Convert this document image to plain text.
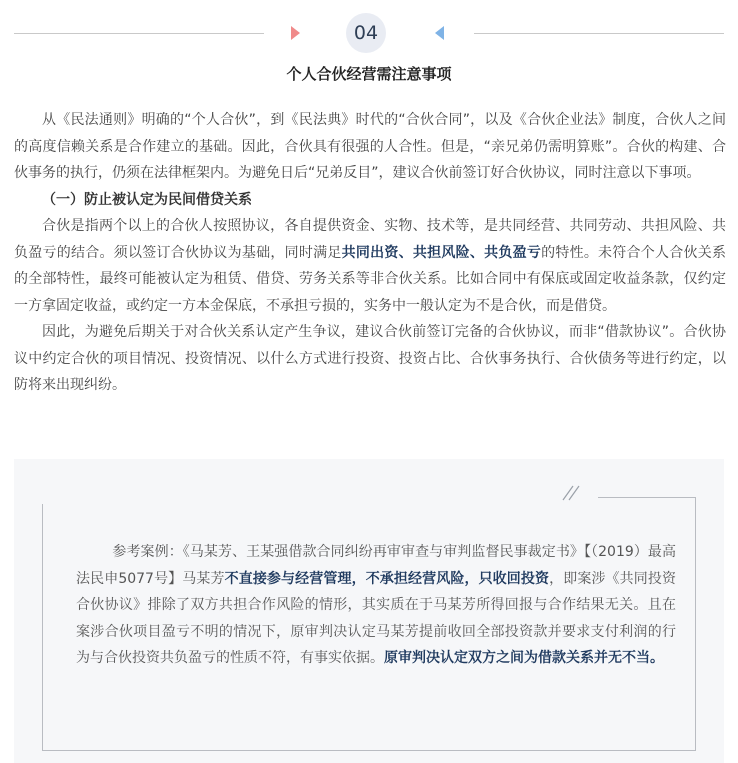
04
个人合伙经营需注意事项

从《民法通则》明确的“个人合伙”，到《民法典》时代的“合伙合同”，以及《合伙企业法》制度，合伙人之间的高度信赖关系是合作建立的基础。因此，合伙具有很强的人合性。但是，“亲兄弟仍需明算账”。合伙的构建、合伙事务的执行，仍须在法律框架内。为避免日后“兄弟反目”，建议合伙前签订好合伙协议，同时注意以下事项。

（一）防止被认定为民间借贷关系

合伙是指两个以上的合伙人按照协议，各自提供资金、实物、技术等，是共同经营、共同劳动、共担风险、共负盈亏的结合。须以签订合伙协议为基础，同时满足共同出资、共担风险、共负盈亏的特性。未符合个人合伙关系的全部特性，最终可能被认定为租赁、借贷、劳务关系等非合伙关系。比如合同中有保底或固定收益条款，仅约定一方拿固定收益，或约定一方本金保底，不承担亏损的，实务中一般认定为不是合伙，而是借贷。

因此，为避免后期关于对合伙关系认定产生争议，建议合伙前签订完备的合伙协议，而非“借款协议”。合伙协议中约定合伙的项目情况、投资情况、以什么方式进行投资、投资占比、合伙事务执行、合伙债务等进行约定，以防将来出现纠纷。

参考案例：《马某芳、王某强借款合同纠纷再审审查与审判监督民事裁定书》【（2019）最高法民申5077号】马某芳不直接参与经营管理，不承担经营风险，只收回投资，即案涉《共同投资合伙协议》排除了双方共担合作风险的情形，其实质在于马某芳所得回报与合作结果无关。且在案涉合伙项目盈亏不明的情况下，原审判决认定马某芳提前收回全部投资款并要求支付利润的行为与合伙投资共负盈亏的性质不符，有事实依据。原审判决认定双方之间为借款关系并无不当。
